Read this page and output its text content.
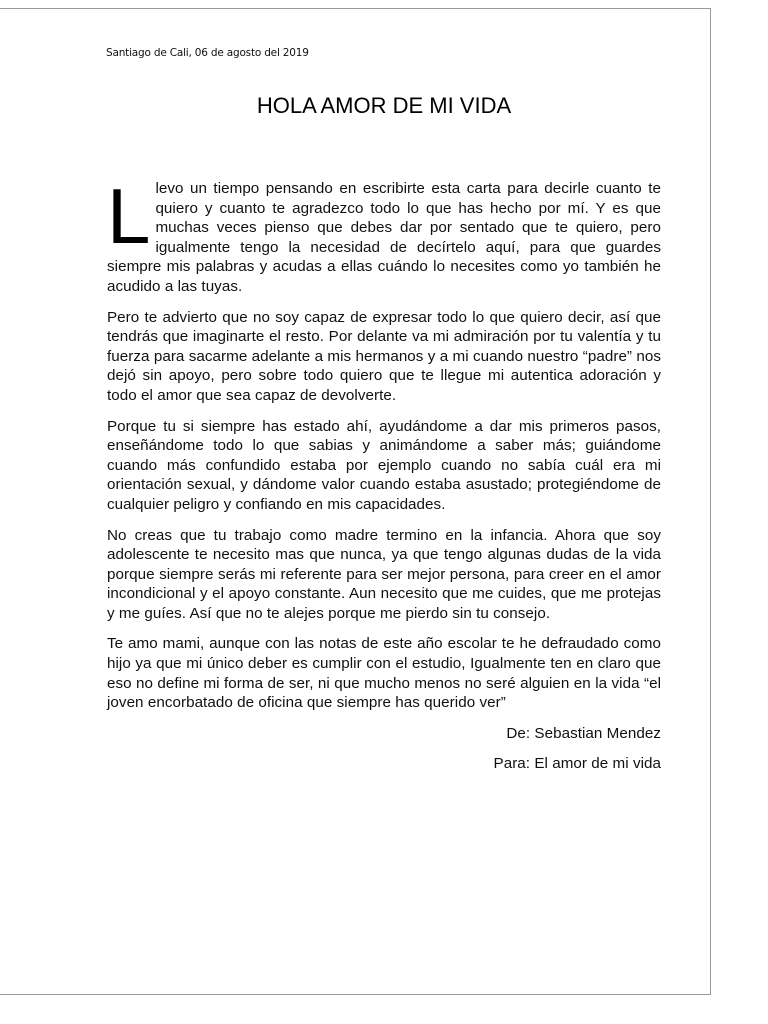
Santiago de Cali, 06 de agosto del 2019
HOLA AMOR DE MI VIDA

Llevo un tiempo pensando en escribirte esta carta para decirle cuanto te quiero y cuanto te agradezco todo lo que has hecho por mí. Y es que muchas veces pienso que debes dar por sentado que te quiero, pero igualmente tengo la necesidad de decírtelo aquí, para que guardes siempre mis palabras y acudas a ellas cuándo lo necesites como yo también he acudido a las tuyas.

Pero te advierto que no soy capaz de expresar todo lo que quiero decir, así que tendrás que imaginarte el resto. Por delante va mi admiración por tu valentía y tu fuerza para sacarme adelante a mis hermanos y a mi cuando nuestro “padre” nos dejó sin apoyo, pero sobre todo quiero que te llegue mi autentica adoración y todo el amor que sea capaz de devolverte.

Porque tu si siempre has estado ahí, ayudándome a dar mis primeros pasos, enseñándome todo lo que sabias y animándome a saber más; guiándome cuando más confundido estaba por ejemplo cuando no sabía cuál era mi orientación sexual, y dándome valor cuando estaba asustado; protegiéndome de cualquier peligro y confiando en mis capacidades.

No creas que tu trabajo como madre termino en la infancia. Ahora que soy adolescente te necesito mas que nunca, ya que tengo algunas dudas de la vida porque siempre serás mi referente para ser mejor persona, para creer en el amor incondicional y el apoyo constante. Aun necesito que me cuides, que me protejas y me guíes. Así que no te alejes porque me pierdo sin tu consejo.

Te amo mami, aunque con las notas de este año escolar te he defraudado como hijo ya que mi único deber es cumplir con el estudio, Igualmente ten en claro que eso no define mi forma de ser, ni que mucho menos no seré alguien en la vida “el joven encorbatado de oficina que siempre has querido ver”

De: Sebastian Mendez

Para: El amor de mi vida
